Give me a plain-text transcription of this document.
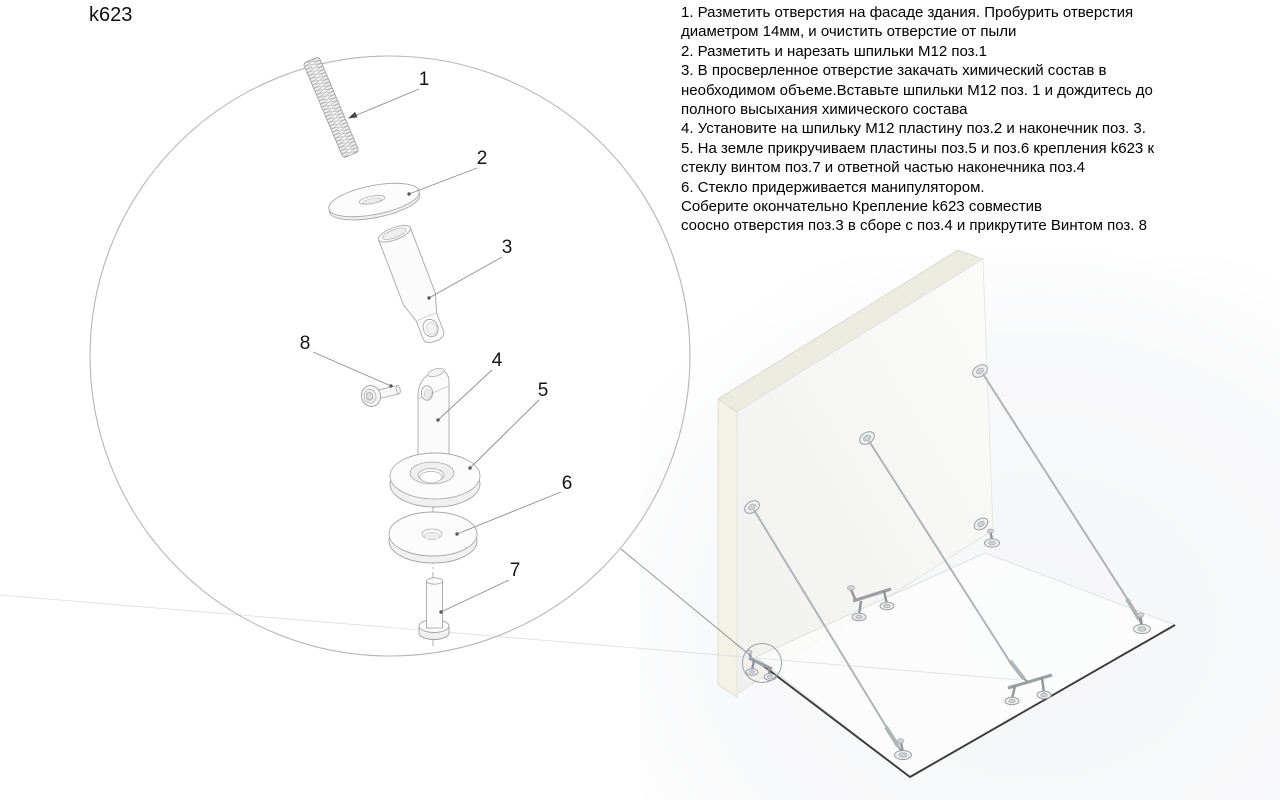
1
2
3
8
4
5
6
7
k623	1. Разметить отверстия на фасаде здания. Пробурить отверстия
диаметром 14мм, и очистить отверстие от пыли
2. Разметить и нарезать шпильки М12 поз.1
3. В просверленное отверстие закачать химический состав в
необходимом объеме.Вставьте шпильки М12 поз. 1 и дождитесь до
полного высыхания химического состава
4. Установите на шпильку М12 пластину поз.2 и наконечник поз. 3.
5. На земле прикручиваем пластины поз.5 и поз.6 крепления k623 к
стеклу винтом поз.7 и ответной частью наконечника поз.4
6. Стекло придерживается манипулятором.
Соберите окончательно Крепление k623 совместив
соосно отверстия поз.3 в сборе с поз.4 и прикрутите Винтом поз. 8
